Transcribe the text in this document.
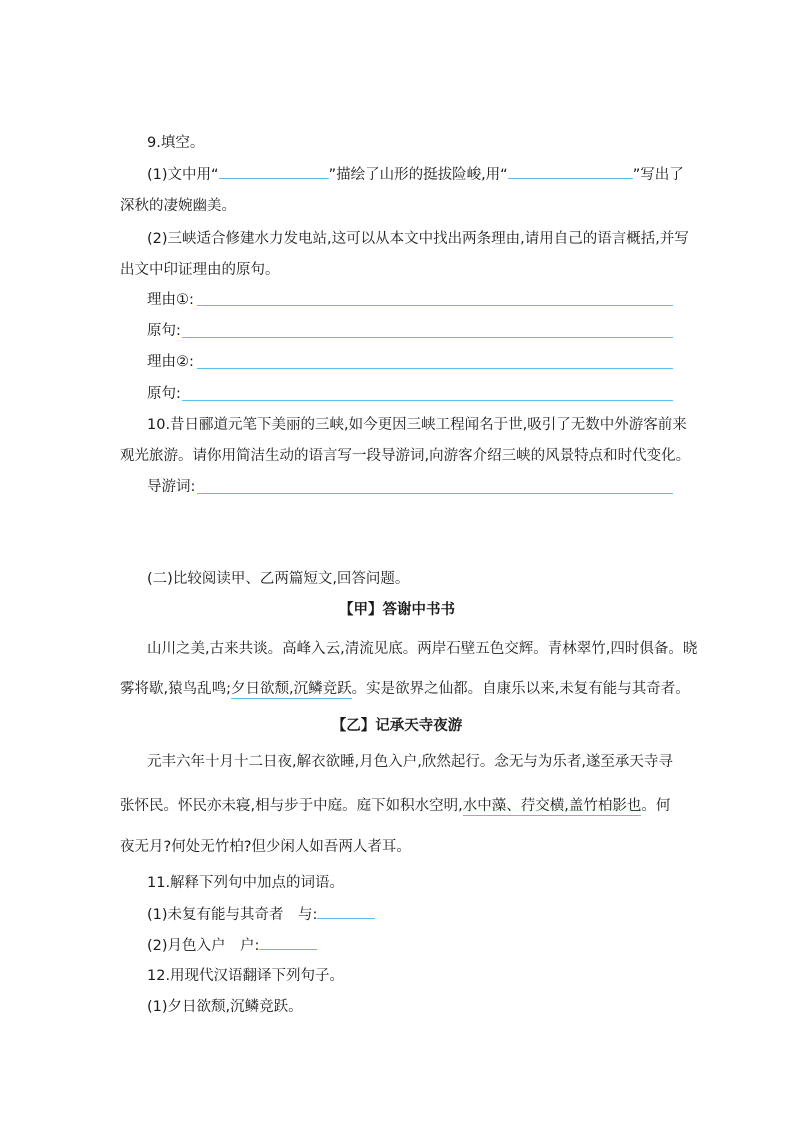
9.填空。
(1)文中用“	”描绘了山形的挺拔险峻,用“	”写出了
深秋的凄婉幽美。
(2)三峡适合修建水力发电站,这可以从本文中找出两条理由,请用自己的语言概括,并写
出文中印证理由的原句。
理由①:
原句:
理由②:
原句:
10.昔日郦道元笔下美丽的三峡,如今更因三峡工程闻名于世,吸引了无数中外游客前来
观光旅游。请你用简洁生动的语言写一段导游词,向游客介绍三峡的风景特点和时代变化。
导游词:
(二)比较阅读甲、乙两篇短文,回答问题。
【甲】答谢中书书
山川之美,古来共谈。高峰入云,清流见底。两岸石壁五色交辉。青林翠竹,四时俱备。晓
雾将歇,猿鸟乱鸣;夕日欲颓,沉鳞竞跃。实是欲界之仙都。自康乐以来,未复有能与其奇者。
【乙】记承天寺夜游
元丰六年十月十二日夜,解衣欲睡,月色入户,欣然起行。念无与为乐者,遂至承天寺寻
张怀民。怀民亦未寝,相与步于中庭。庭下如积水空明,水中藻、荇交横,盖竹柏影也。何
夜无月?何处无竹柏?但少闲人如吾两人者耳。
11.解释下列句中加点的词语。
(1)未复有能与其奇者　与:
(2)月色入户　户:
12.用现代汉语翻译下列句子。
(1)夕日欲颓,沉鳞竞跃。
